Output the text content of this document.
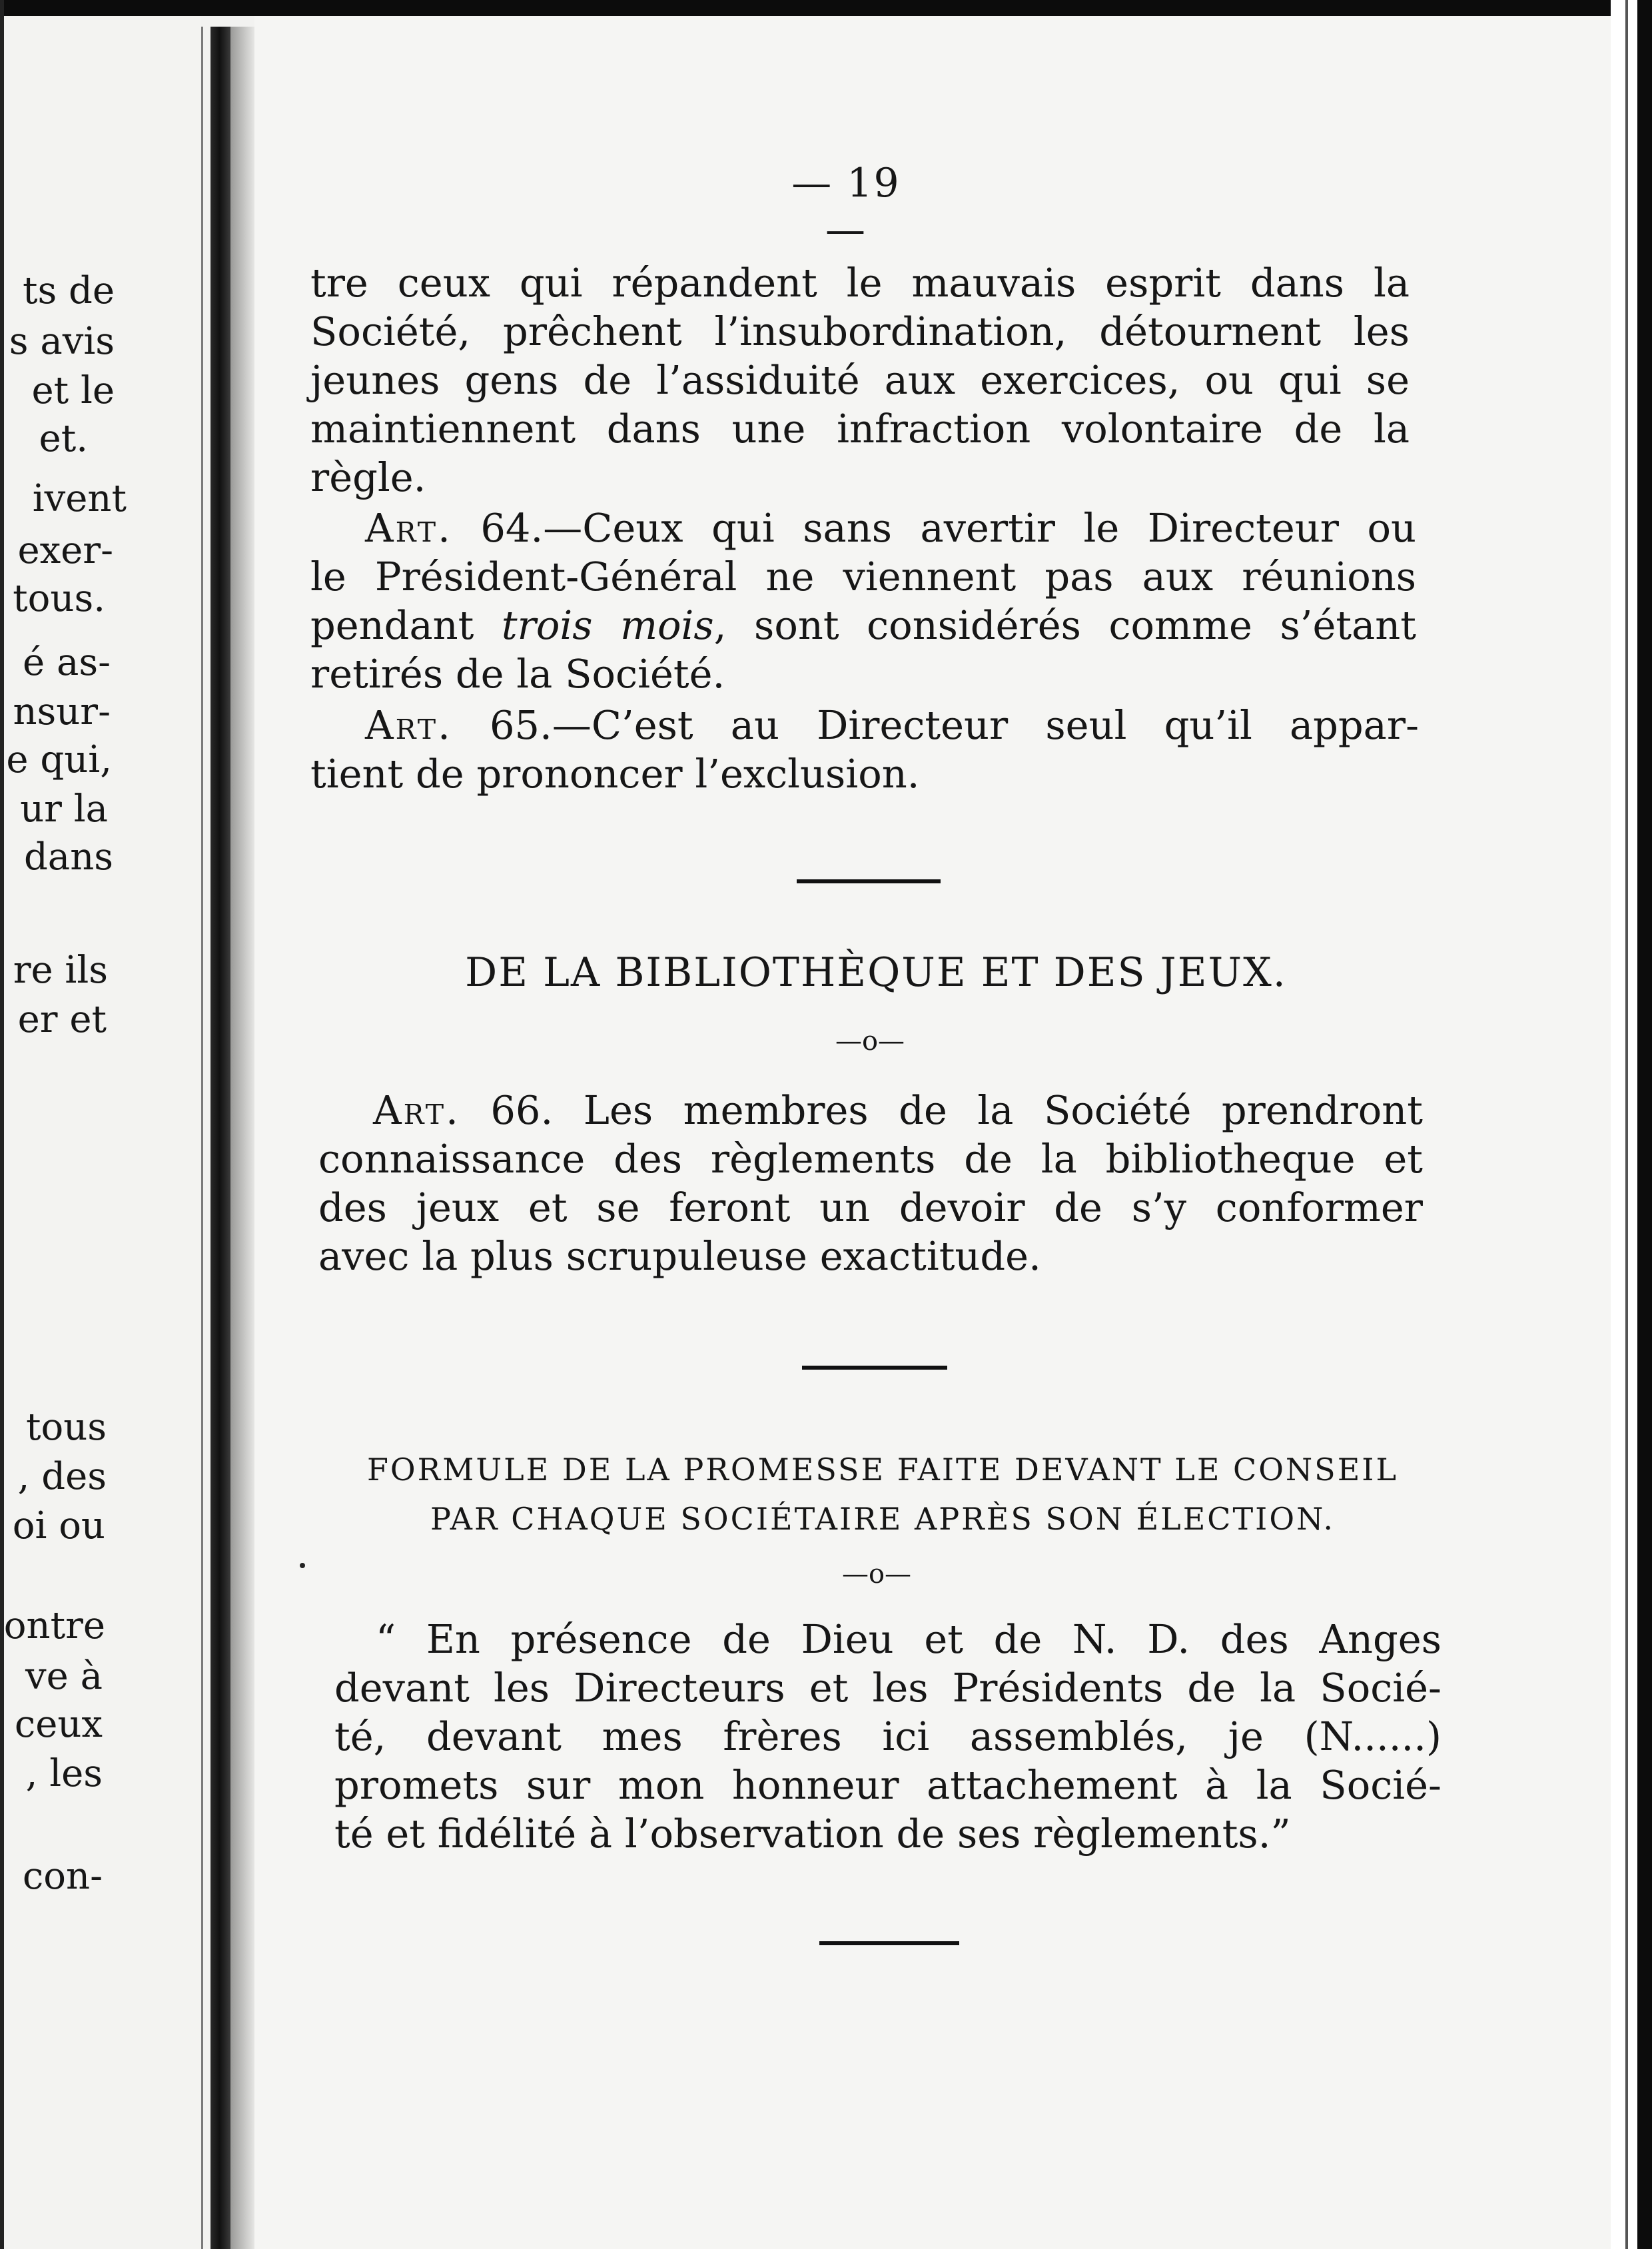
ts de
s avis
et le
et.
ivent
exer-
tous.
é as-
nsur-
e qui,
ur la
dans
re ils
er et
tous
, des
oi ou
ontre
ve à
ceux
, les
con-
— 19 —
tre ceux qui répandent le mauvais esprit dans la
Société, prêchent l’insubordination, détournent les
jeunes gens de l’assiduité aux exercices, ou qui se
maintiennent dans une infraction volontaire de la
règle.
Art. 64.—Ceux qui sans avertir le Directeur ou
le Président-Général ne viennent pas aux réunions
pendant trois mois, sont considérés comme s’étant
retirés de la Société.
Art. 65.—C’est au Directeur seul qu’il appar-
tient de prononcer l’exclusion.
DE LA BIBLIOTHÈQUE ET DES JEUX.
—o—
Art. 66. Les membres de la Société prendront
connaissance des règlements de la bibliotheque et
des jeux et se feront un devoir de s’y conformer
avec la plus scrupuleuse exactitude.
FORMULE DE LA PROMESSE FAITE DEVANT LE CONSEIL
PAR CHAQUE SOCIÉTAIRE APRÈS SON ÉLECTION.
—o—
“ En présence de Dieu et de N. D. des Anges
devant les Directeurs et les Présidents de la Socié-
té, devant mes frères ici assemblés, je (N......)
promets sur mon honneur attachement à la Socié-
té et fidélité à l’observation de ses règlements.”
